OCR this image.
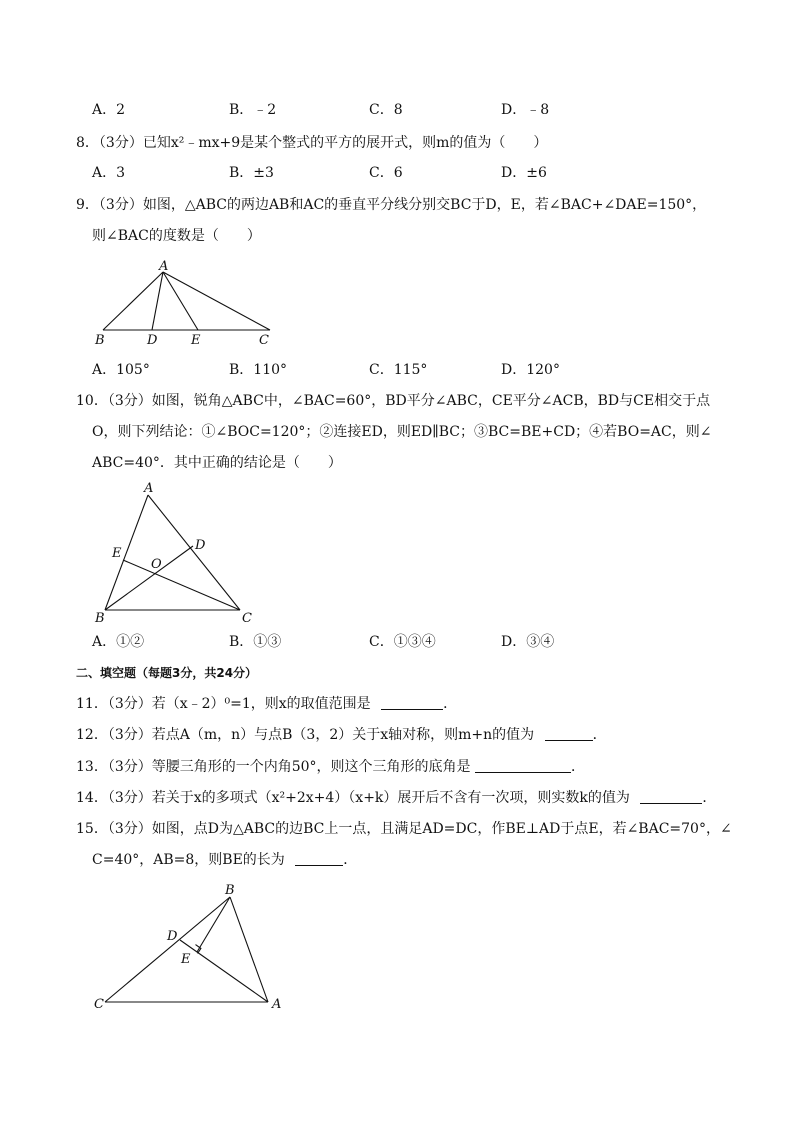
A．2	B．﹣2	C．8	D．﹣8
8．（3分）已知x²﹣mx+9是某个整式的平方的展开式，则m的值为（　　）
A．3	B．±3	C．6	D．±6
9．（3分）如图，△ABC的两边AB和AC的垂直平分线分别交BC于D，E，若∠BAC+∠DAE=150°，
则∠BAC的度数是（　　）
A
B	D	E	C
A．105°	B．110°	C．115°	D．120°
10．（3分）如图，锐角△ABC中，∠BAC=60°，BD平分∠ABC，CE平分∠ACB，BD与CE相交于点
O，则下列结论：①∠BOC=120°；②连接ED，则ED∥BC；③BC=BE+CD；④若BO=AC，则∠
ABC=40°．其中正确的结论是（　　）
A
E
D
O
B	C
A．①②	B．①③	C．①③④	D．③④
二、填空题（每题3分，共24分）
11．（3分）若（x﹣2）⁰=1，则x的取值范围是	．
12．（3分）若点A（m，n）与点B（3，2）关于x轴对称，则m+n的值为	．
13．（3分）等腰三角形的一个内角50°，则这个三角形的底角是	．
14．（3分）若关于x的多项式（x²+2x+4）（x+k）展开后不含有一次项，则实数k的值为	．
15．（3分）如图，点D为△ABC的边BC上一点，且满足AD=DC，作BE⊥AD于点E，若∠BAC=70°，∠
C=40°，AB=8，则BE的长为	．
B
D
E
C	A
